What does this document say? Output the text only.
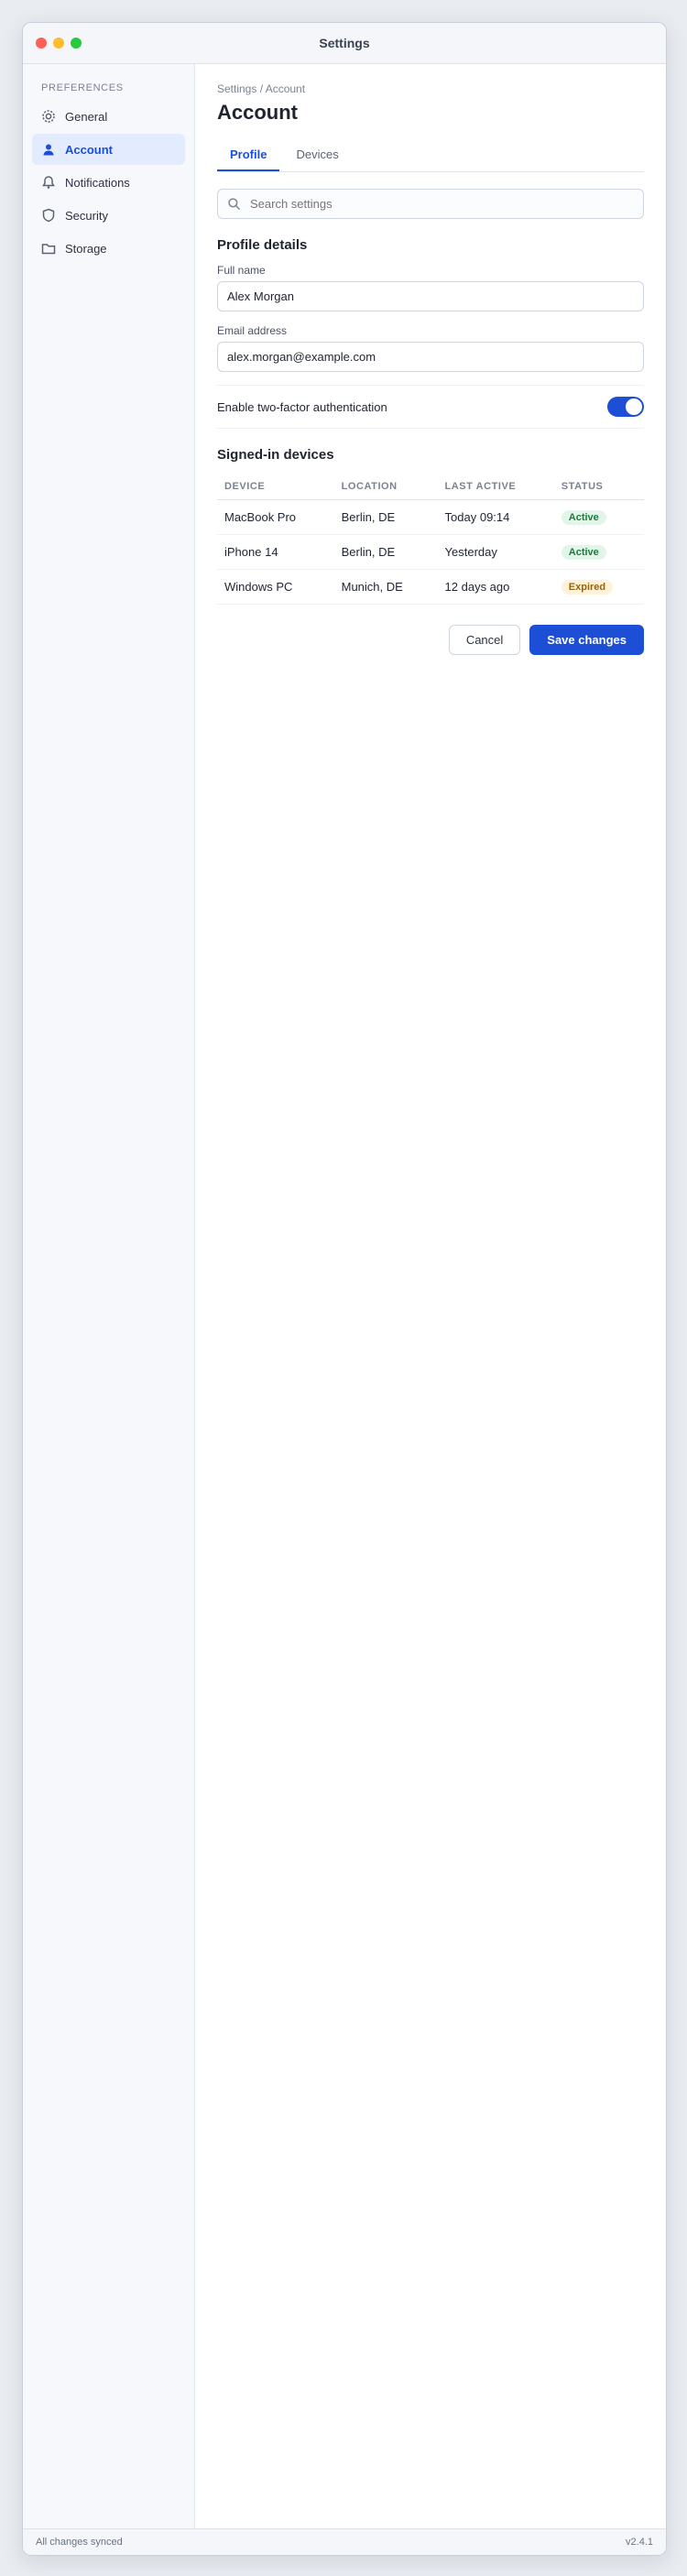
Settings
PREFERENCES
General
Account
Notifications
Security
Storage
Settings / Account
Account
Profile	Devices
Search settings
Profile details
Full name
Alex Morgan
Email address
alex.morgan@example.com
Enable two-factor authentication
Signed-in devices
DEVICE	LOCATION	LAST ACTIVE	STATUS
MacBook Pro	Berlin, DE	Today 09:14	Active
iPhone 14	Berlin, DE	Yesterday	Active
Windows PC	Munich, DE	12 days ago	Expired
Cancel	Save changes
All changes synced	v2.4.1
